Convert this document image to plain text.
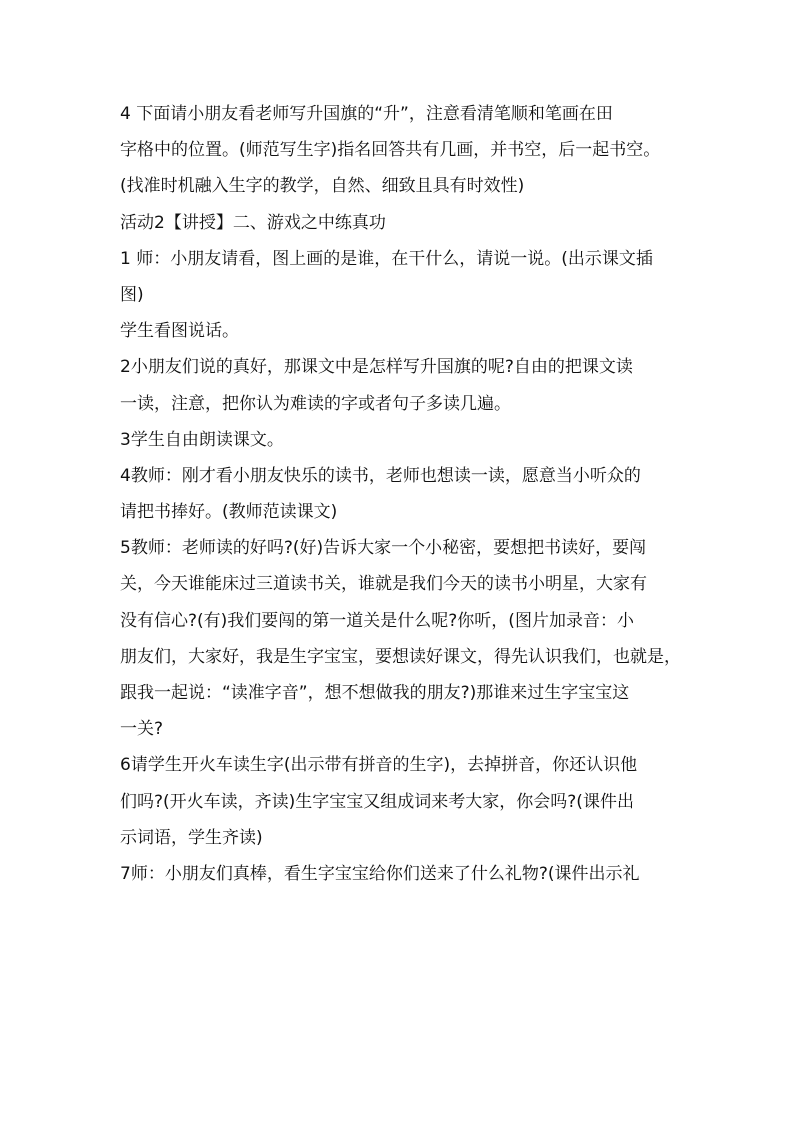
4 下面请小朋友看老师写升国旗的“升”，注意看清笔顺和笔画在田
字格中的位置。(师范写生字)指名回答共有几画，并书空，后一起书空。
(找准时机融入生字的教学，自然、细致且具有时效性)
活动2【讲授】二、游戏之中练真功
1 师：小朋友请看，图上画的是谁，在干什么，请说一说。(出示课文插
图)
学生看图说话。
2小朋友们说的真好，那课文中是怎样写升国旗的呢?自由的把课文读
一读，注意，把你认为难读的字或者句子多读几遍。
3学生自由朗读课文。
4教师：刚才看小朋友快乐的读书，老师也想读一读，愿意当小听众的
请把书捧好。(教师范读课文)
5教师：老师读的好吗?(好)告诉大家一个小秘密，要想把书读好，要闯
关，今天谁能床过三道读书关，谁就是我们今天的读书小明星，大家有
没有信心?(有)我们要闯的第一道关是什么呢?你听，(图片加录音：小
朋友们，大家好，我是生字宝宝，要想读好课文，得先认识我们，也就是，
跟我一起说：“读准字音”，想不想做我的朋友?)那谁来过生字宝宝这
一关?
6请学生开火车读生字(出示带有拼音的生字)，去掉拼音，你还认识他
们吗?(开火车读，齐读)生字宝宝又组成词来考大家，你会吗?(课件出
示词语，学生齐读)
7师：小朋友们真棒，看生字宝宝给你们送来了什么礼物?(课件出示礼
